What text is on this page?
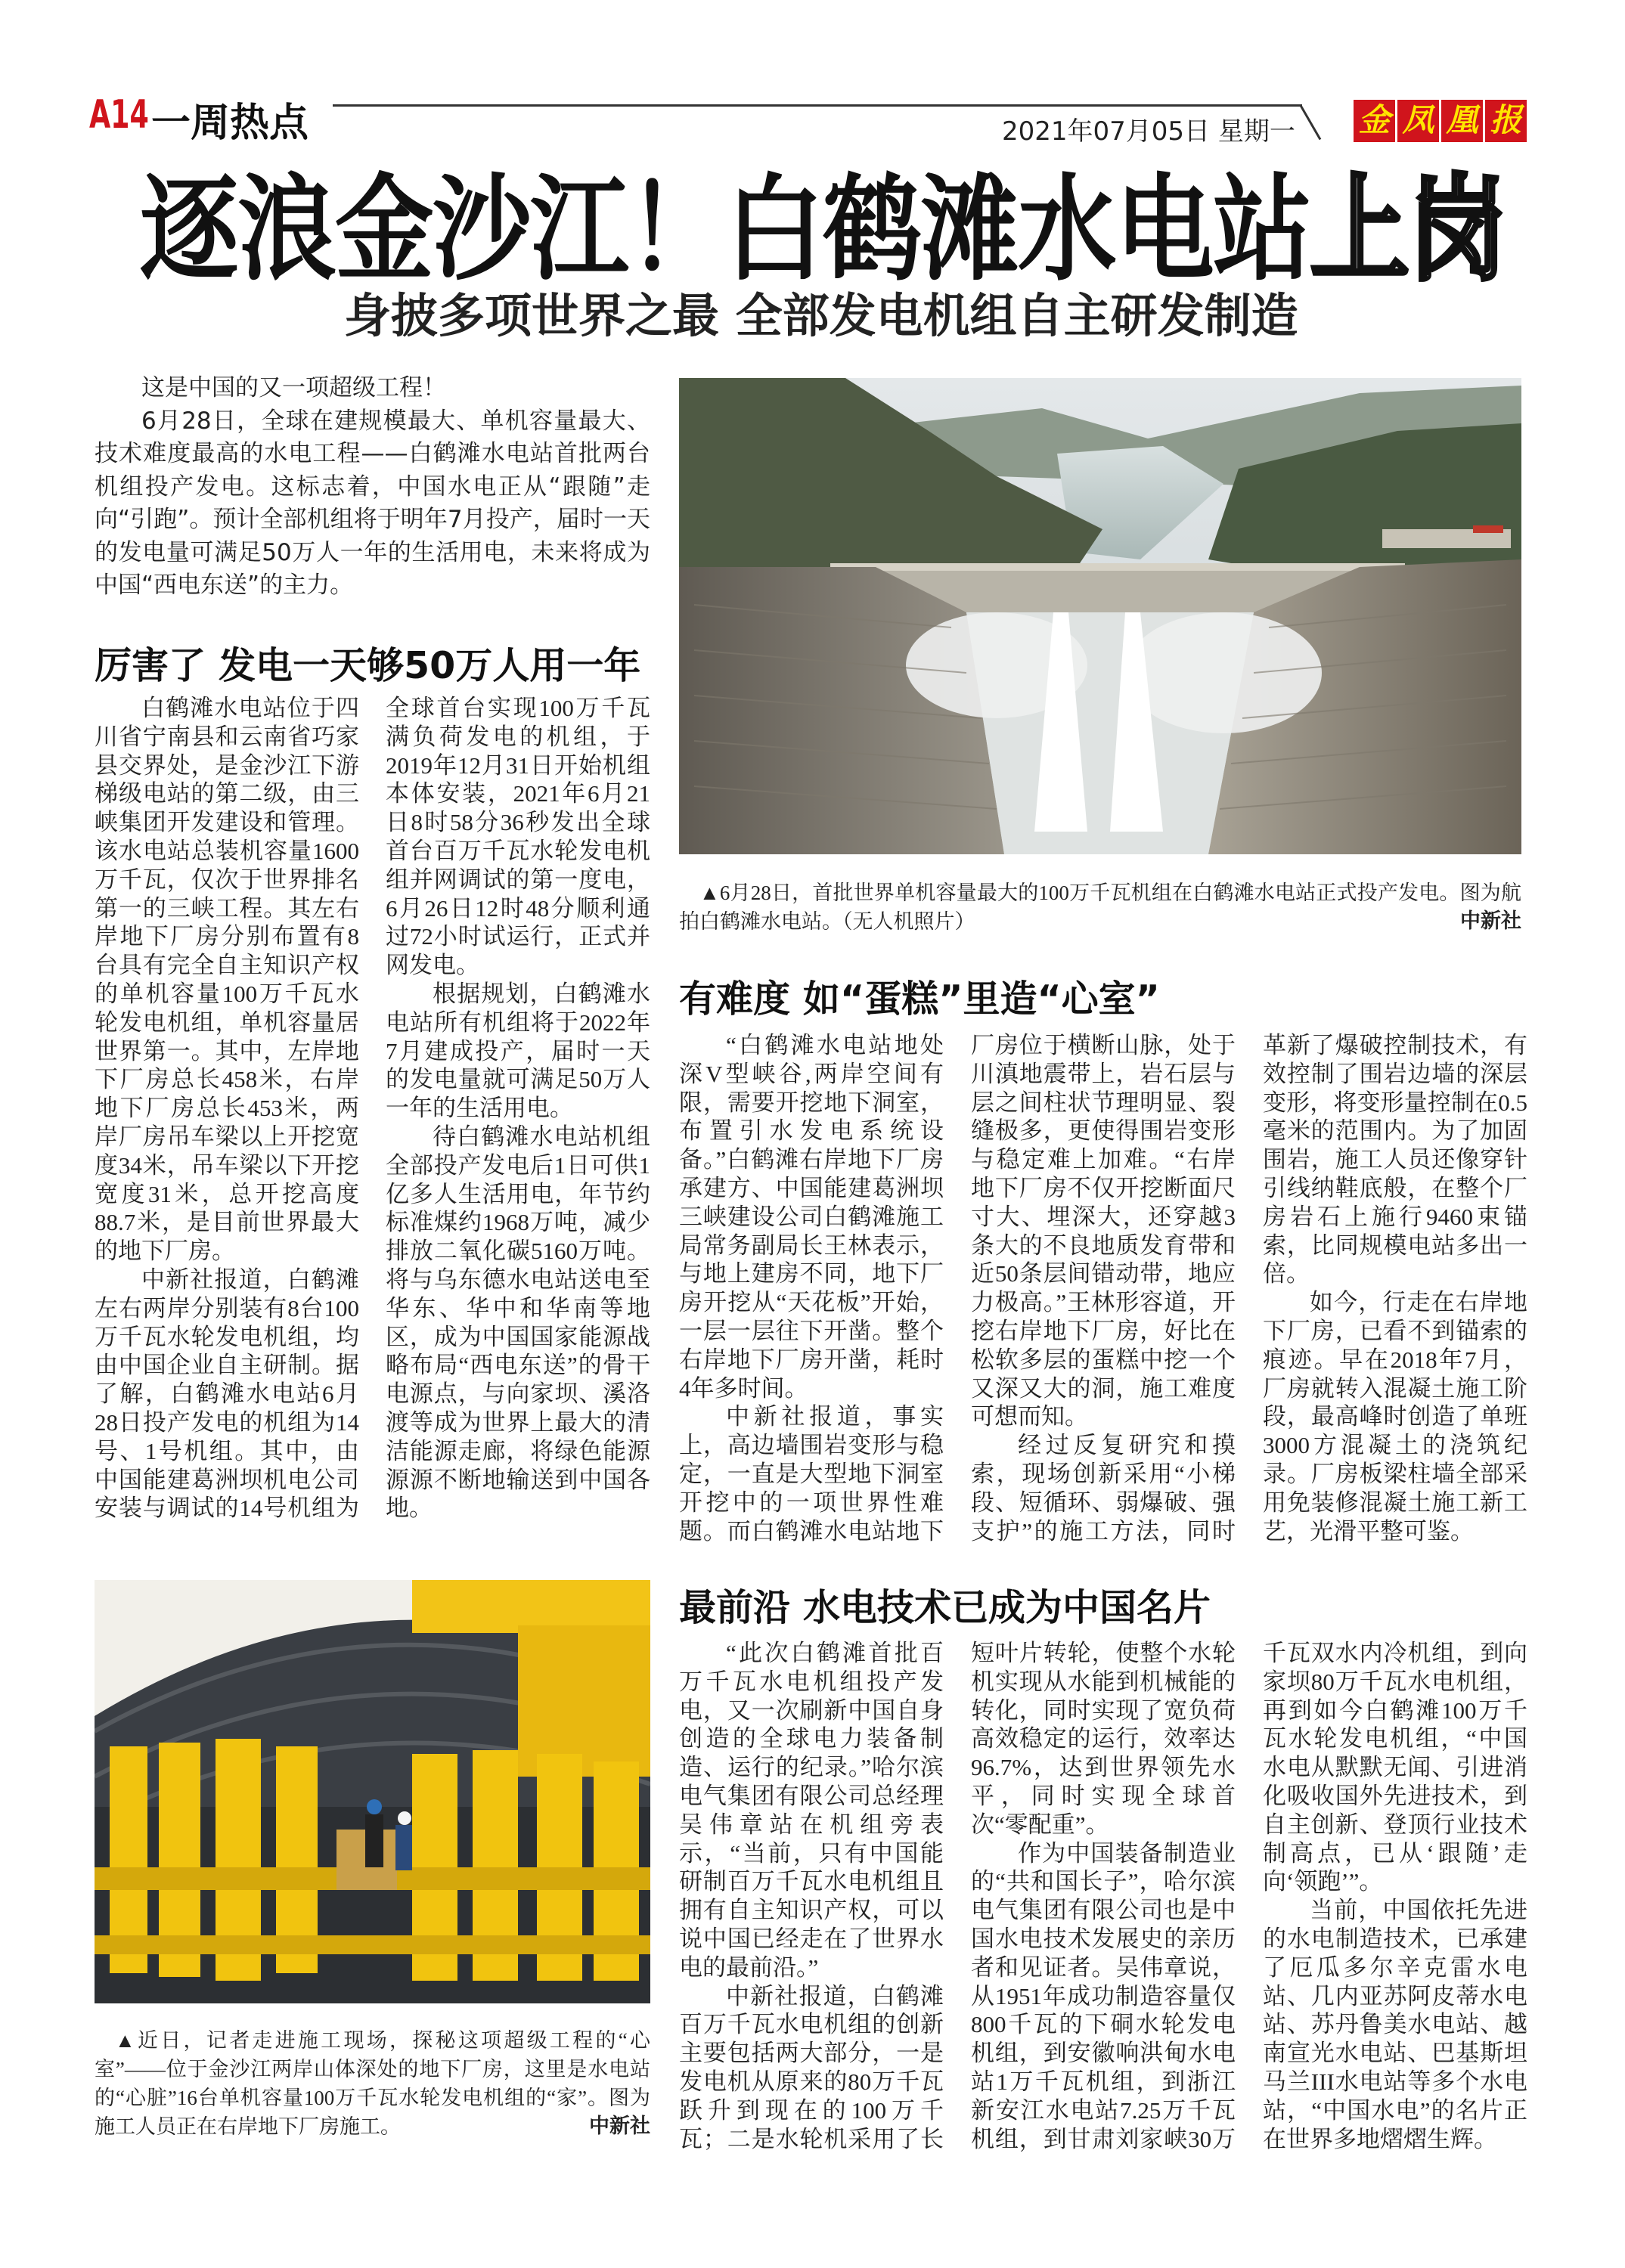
A14 一周热点	2021年07月05日 星期一 金 凤 凰 报
逐浪金沙江！白鹤滩水电站上岗
身披多项世界之最 全部发电机组自主研发制造

这是中国的又一项超级工程！

6月28日，全球在建规模最大、单机容量最大、技术难度最高的水电工程——白鹤滩水电站首批两台机组投产发电。这标志着，中国水电正从“跟随”走向“引跑”。预计全部机组将于明年7月投产，届时一天的发电量可满足50万人一年的生活用电，未来将成为中国“西电东送”的主力。

厉害了 发电一天够50万人用一年

白鹤滩水电站位于四川省宁南县和云南省巧家县交界处，是金沙江下游梯级电站的第二级，由三峡集团开发建设和管理。该水电站总装机容量1600万千瓦，仅次于世界排名第一的三峡工程。其左右岸地下厂房分别布置有8台具有完全自主知识产权的单机容量100万千瓦水轮发电机组，单机容量居世界第一。其中，左岸地下厂房总长458米，右岸地下厂房总长453米，两岸厂房吊车梁以上开挖宽度34米，吊车梁以下开挖宽度31米，总开挖高度88.7米，是目前世界最大的地下厂房。

中新社报道，白鹤滩左右两岸分别装有8台100万千瓦水轮发电机组，均由中国企业自主研制。据了解，白鹤滩水电站6月28日投产发电的机组为14号、1号机组。其中，由中国能建葛洲坝机电公司安装与调试的14号机组为全球首台实现100万千瓦满负荷发电的机组，于2019年12月31日开始机组本体安装，2021年6月21日8时58分36秒发出全球首台百万千瓦水轮发电机组并网调试的第一度电，6月26日12时48分顺利通过72小时试运行，正式并网发电。

根据规划，白鹤滩水电站所有机组将于2022年7月建成投产，届时一天的发电量就可满足50万人一年的生活用电。

待白鹤滩水电站机组全部投产发电后1日可供1亿多人生活用电，年节约标准煤约1968万吨，减少排放二氧化碳5160万吨。将与乌东德水电站送电至华东、华中和华南等地区，成为中国国家能源战略布局“西电东送”的骨干电源点，与向家坝、溪洛渡等成为世界上最大的清洁能源走廊，将绿色能源源源不断地输送到中国各地。

▲6月28日，首批世界单机容量最大的100万千瓦机组在白鹤滩水电站正式投产发电。图为航拍白鹤滩水电站。（无人机照片）	中新社
有难度 如“蛋糕”里造“心室”

“白鹤滩水电站地处深V型峡谷,两岸空间有限，需要开挖地下洞室，布置引水发电系统设备。”白鹤滩右岸地下厂房承建方、中国能建葛洲坝三峡建设公司白鹤滩施工局常务副局长王林表示，与地上建房不同，地下厂房开挖从“天花板”开始，一层一层往下开凿。整个右岸地下厂房开凿，耗时4年多时间。

中新社报道，事实上，高边墙围岩变形与稳定，一直是大型地下洞室开挖中的一项世界性难题。而白鹤滩水电站地下厂房位于横断山脉，处于川滇地震带上，岩石层与层之间柱状节理明显、裂缝极多，更使得围岩变形与稳定难上加难。“右岸地下厂房不仅开挖断面尺寸大、埋深大，还穿越3条大的不良地质发育带和近50条层间错动带，地应力极高。”王林形容道，开挖右岸地下厂房，好比在松软多层的蛋糕中挖一个又深又大的洞，施工难度可想而知。

经过反复研究和摸索，现场创新采用“小梯段、短循环、弱爆破、强支护”的施工方法，同时革新了爆破控制技术，有效控制了围岩边墙的深层变形，将变形量控制在0.5毫米的范围内。为了加固围岩，施工人员还像穿针引线纳鞋底般，在整个厂房岩石上施行9460束锚索，比同规模电站多出一倍。

如今，行走在右岸地下厂房，已看不到锚索的痕迹。早在2018年7月，厂房就转入混凝土施工阶段，最高峰时创造了单班3000方混凝土的浇筑纪录。厂房板梁柱墙全部采用免装修混凝土施工新工艺，光滑平整可鉴。

▲近日，记者走进施工现场，探秘这项超级工程的“心室”——位于金沙江两岸山体深处的地下厂房，这里是水电站的“心脏”16台单机容量100万千瓦水轮发电机组的“家”。图为施工人员正在右岸地下厂房施工。	中新社
最前沿 水电技术已成为中国名片

“此次白鹤滩首批百万千瓦水电机组投产发电，又一次刷新中国自身创造的全球电力装备制造、运行的纪录。”哈尔滨电气集团有限公司总经理吴伟章站在机组旁表示，“当前，只有中国能研制百万千瓦水电机组且拥有自主知识产权，可以说中国已经走在了世界水电的最前沿。”

中新社报道，白鹤滩百万千瓦水电机组的创新主要包括两大部分，一是发电机从原来的80万千瓦跃升到现在的100万千瓦；二是水轮机采用了长短叶片转轮，使整个水轮机实现从水能到机械能的转化，同时实现了宽负荷高效稳定的运行，效率达96.7%，达到世界领先水平，同时实现全球首次“零配重”。

作为中国装备制造业的“共和国长子”，哈尔滨电气集团有限公司也是中国水电技术发展史的亲历者和见证者。吴伟章说，从1951年成功制造容量仅800千瓦的下硐水轮发电机组，到安徽响洪甸水电站1万千瓦机组，到浙江新安江水电站7.25万千瓦机组，到甘肃刘家峡30万千瓦双水内冷机组，到向家坝80万千瓦水电机组，再到如今白鹤滩100万千瓦水轮发电机组，“中国水电从默默无闻、引进消化吸收国外先进技术，到自主创新、登顶行业技术制高点，已从‘跟随’走向‘领跑’”。

当前，中国依托先进的水电制造技术，已承建了厄瓜多尔辛克雷水电站、几内亚苏阿皮蒂水电站、苏丹鲁美水电站、越南宣光水电站、巴基斯坦马兰III水电站等多个水电站，“中国水电”的名片正在世界多地熠熠生辉。
